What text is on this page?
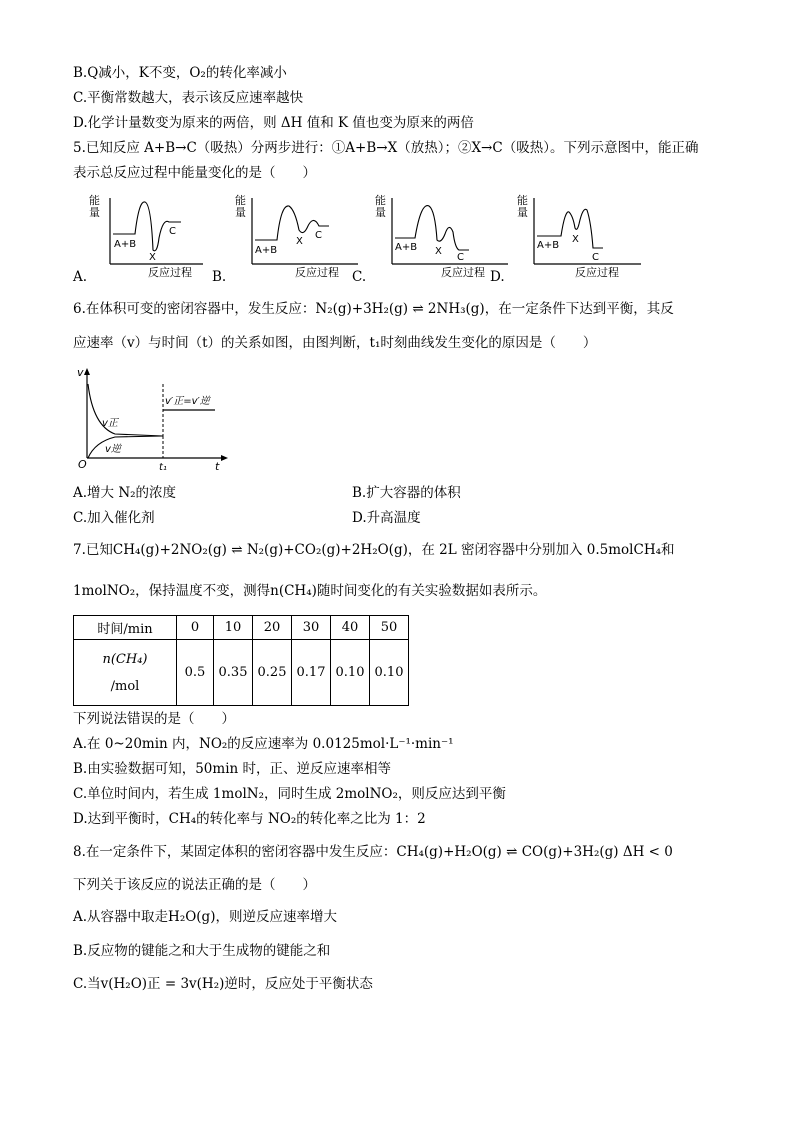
B.Q减小，K不变，O₂的转化率减小
C.平衡常数越大，表示该反应速率越快
D.化学计量数变为原来的两倍，则 ΔH 值和 K 值也变为原来的两倍
5.已知反应 A+B→C（吸热）分两步进行：①A+B→X（放热）；②X→C（吸热）。下列示意图中，能正确
表示总反应过程中能量变化的是（　　）
能
量
A+B
X
C
反应过程
能
量
A+B
X
C
反应过程
能
量
A+B X
C
反应过程
能
量
A+B
X
C
反应过程
A.	B.	C.	D.
6.在体积可变的密闭容器中，发生反应：N₂(g)+3H₂(g) ⇌ 2NH₃(g)，在一定条件下达到平衡，其反
应速率（v）与时间（t）的关系如图，由图判断，t₁时刻曲线发生变化的原因是（　　）
v
O	t
v正
v逆
v′正=v′逆
t₁
A.增大 N₂的浓度	B.扩大容器的体积
C.加入催化剂	D.升高温度
7.已知CH₄(g)+2NO₂(g) ⇌ N₂(g)+CO₂(g)+2H₂O(g)，在 2L 密闭容器中分别加入 0.5molCH₄和
1molNO₂，保持温度不变，测得n(CH₄)随时间变化的有关实验数据如表所示。
时间/min	0	10	20	30	40	50

n(CH₄)
/mol	0.5	0.35	0.25	0.17	0.10	0.10
下列说法错误的是（　　）
A.在 0~20min 内，NO₂的反应速率为 0.0125mol·L⁻¹·min⁻¹
B.由实验数据可知，50min 时，正、逆反应速率相等
C.单位时间内，若生成 1molN₂，同时生成 2molNO₂，则反应达到平衡
D.达到平衡时，CH₄的转化率与 NO₂的转化率之比为 1：2
8.在一定条件下，某固定体积的密闭容器中发生反应：CH₄(g)+H₂O(g) ⇌ CO(g)+3H₂(g) ΔH < 0
下列关于该反应的说法正确的是（　　）
A.从容器中取走H₂O(g)，则逆反应速率增大
B.反应物的键能之和大于生成物的键能之和
C.当v(H₂O)正 = 3v(H₂)逆时，反应处于平衡状态
